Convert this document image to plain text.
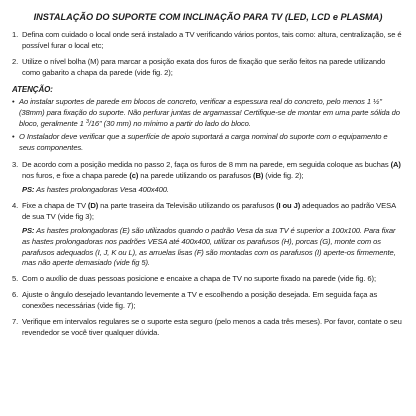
INSTALAÇÃO DO SUPORTE COM INCLINAÇÃO PARA TV (LED, LCD e PLASMA)
1. Defina com cuidado o local onde será instalado a TV verificando vários pontos, tais como: altura, centralização, se é possível furar o local etc;

2. Utilize o nível bolha (M) para marcar a posição exata dos furos de fixação que serão feitos na parede utilizando como gabarito a chapa da parede (vide fig. 2);

ATENÇÃO:
• Ao instalar suportes de parede em blocos de concreto, verificar a espessura real do concreto, pelo menos 1 ½" (38mm) para fixação do suporte. Não perfurar juntas de argamassa! Certifique-se de montar em uma parte sólida do bloco, geralmente 1 $^3$/16" (30 mm) no mínimo a partir do lado do bloco.

• O Instalador deve verificar que a superfície de apoio suportará a carga nominal do suporte com o equipamento e seus componentes.

3. De acordo com a posição medida no passo 2, faça os furos de 8 mm na parede, em seguida coloque as buchas (A) nos furos, e fixe a chapa parede (c) na parede utilizando os parafusos (B) (vide fig. 2);

PS: As hastes prolongadoras Vesa 400x400.

4. Fixe a chapa de TV (D) na parte traseira da Televisão utilizando os parafusos (I ou J) adequados ao padrão VESA de sua TV (vide fig 3);

PS: As hastes prolongadoras (E) são utilizados quando o padrão Vesa da sua TV é superior a 100x100. Para fixar as hastes prolongadoras nos padrões VESA até 400x400, utilizar os parafusos (H), porcas (G), monte com os parafusos adequados (I, J, K ou L), as arruelas lisas (F) são montadas com os parafusos (I) aperte-os firmemente, mas não aperte demasiado (vide fig 5).

5. Com o auxílio de duas pessoas posicione e encaixe a chapa de TV no suporte fixado na parede (vide fig. 6);

6. Ajuste o ângulo desejado levantando levemente a TV e escolhendo a posição desejada. Em seguida faça as conexões necessárias (vide fig. 7);

7. Verifique em intervalos regulares se o suporte esta seguro (pelo menos a cada três meses). Por favor, contate o seu revendedor se você tiver qualquer dúvida.
